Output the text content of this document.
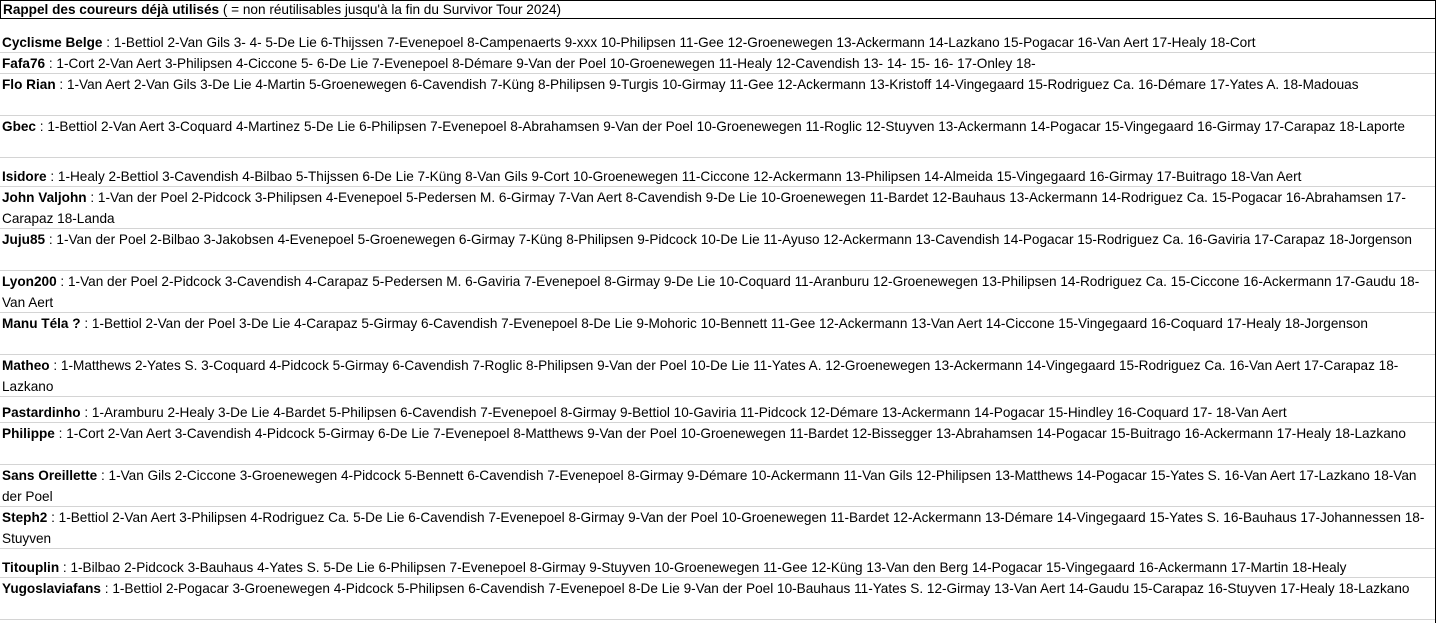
Rappel des coureurs déjà utilisés ( = non réutilisables jusqu'à la fin du Survivor Tour 2024)
Cyclisme Belge : 1-Bettiol 2-Van Gils 3- 4- 5-De Lie 6-Thijssen 7-Evenepoel 8-Campenaerts 9-xxx 10-Philipsen 11-Gee 12-Groenewegen 13-Ackermann 14-Lazkano 15-Pogacar 16-Van Aert 17-Healy 18-Cort
Fafa76 : 1-Cort 2-Van Aert 3-Philipsen 4-Ciccone 5- 6-De Lie 7-Evenepoel 8-Démare 9-Van der Poel 10-Groenewegen 11-Healy 12-Cavendish 13- 14- 15- 16- 17-Onley 18-
Flo Rian : 1-Van Aert 2-Van Gils 3-De Lie 4-Martin 5-Groenewegen 6-Cavendish 7-Küng 8-Philipsen 9-Turgis 10-Girmay 11-Gee 12-Ackermann 13-Kristoff 14-Vingegaard 15-Rodriguez Ca. 16-Démare 17-Yates A. 18-Madouas
Gbec : 1-Bettiol 2-Van Aert 3-Coquard 4-Martinez 5-De Lie 6-Philipsen 7-Evenepoel 8-Abrahamsen 9-Van der Poel 10-Groenewegen 11-Roglic 12-Stuyven 13-Ackermann 14-Pogacar 15-Vingegaard 16-Girmay 17-Carapaz 18-Laporte
Isidore : 1-Healy 2-Bettiol 3-Cavendish 4-Bilbao 5-Thijssen 6-De Lie 7-Küng 8-Van Gils 9-Cort 10-Groenewegen 11-Ciccone 12-Ackermann 13-Philipsen 14-Almeida 15-Vingegaard 16-Girmay 17-Buitrago 18-Van Aert
John Valjohn : 1-Van der Poel 2-Pidcock 3-Philipsen 4-Evenepoel 5-Pedersen M. 6-Girmay 7-Van Aert 8-Cavendish 9-De Lie 10-Groenewegen 11-Bardet 12-Bauhaus 13-Ackermann 14-Rodriguez Ca. 15-Pogacar 16-Abrahamsen 17-Carapaz 18-Landa
Juju85 : 1-Van der Poel 2-Bilbao 3-Jakobsen 4-Evenepoel 5-Groenewegen 6-Girmay 7-Küng 8-Philipsen 9-Pidcock 10-De Lie 11-Ayuso 12-Ackermann 13-Cavendish 14-Pogacar 15-Rodriguez Ca. 16-Gaviria 17-Carapaz 18-Jorgenson
Lyon200 : 1-Van der Poel 2-Pidcock 3-Cavendish 4-Carapaz 5-Pedersen M. 6-Gaviria 7-Evenepoel 8-Girmay 9-De Lie 10-Coquard 11-Aranburu 12-Groenewegen 13-Philipsen 14-Rodriguez Ca. 15-Ciccone 16-Ackermann 17-Gaudu 18-Van Aert
Manu Téla ? : 1-Bettiol 2-Van der Poel 3-De Lie 4-Carapaz 5-Girmay 6-Cavendish 7-Evenepoel 8-De Lie 9-Mohoric 10-Bennett 11-Gee 12-Ackermann 13-Van Aert 14-Ciccone 15-Vingegaard 16-Coquard 17-Healy 18-Jorgenson
Matheo : 1-Matthews 2-Yates S. 3-Coquard 4-Pidcock 5-Girmay 6-Cavendish 7-Roglic 8-Philipsen 9-Van der Poel 10-De Lie 11-Yates A. 12-Groenewegen 13-Ackermann 14-Vingegaard 15-Rodriguez Ca. 16-Van Aert 17-Carapaz 18-Lazkano
Pastardinho : 1-Aramburu 2-Healy 3-De Lie 4-Bardet 5-Philipsen 6-Cavendish 7-Evenepoel 8-Girmay 9-Bettiol 10-Gaviria 11-Pidcock 12-Démare 13-Ackermann 14-Pogacar 15-Hindley 16-Coquard 17- 18-Van Aert
Philippe : 1-Cort 2-Van Aert 3-Cavendish 4-Pidcock 5-Girmay 6-De Lie 7-Evenepoel 8-Matthews 9-Van der Poel 10-Groenewegen 11-Bardet 12-Bissegger 13-Abrahamsen 14-Pogacar 15-Buitrago 16-Ackermann 17-Healy 18-Lazkano
Sans Oreillette : 1-Van Gils 2-Ciccone 3-Groenewegen 4-Pidcock 5-Bennett 6-Cavendish 7-Evenepoel 8-Girmay 9-Démare 10-Ackermann 11-Van Gils 12-Philipsen 13-Matthews 14-Pogacar 15-Yates S. 16-Van Aert 17-Lazkano 18-Van der Poel
Steph2 : 1-Bettiol 2-Van Aert 3-Philipsen 4-Rodriguez Ca. 5-De Lie 6-Cavendish 7-Evenepoel 8-Girmay 9-Van der Poel 10-Groenewegen 11-Bardet 12-Ackermann 13-Démare 14-Vingegaard 15-Yates S. 16-Bauhaus 17-Johannessen 18-Stuyven
Titouplin : 1-Bilbao 2-Pidcock 3-Bauhaus 4-Yates S. 5-De Lie 6-Philipsen 7-Evenepoel 8-Girmay 9-Stuyven 10-Groenewegen 11-Gee 12-Küng 13-Van den Berg 14-Pogacar 15-Vingegaard 16-Ackermann 17-Martin 18-Healy
Yugoslaviafans : 1-Bettiol 2-Pogacar 3-Groenewegen 4-Pidcock 5-Philipsen 6-Cavendish 7-Evenepoel 8-De Lie 9-Van der Poel 10-Bauhaus 11-Yates S. 12-Girmay 13-Van Aert 14-Gaudu 15-Carapaz 16-Stuyven 17-Healy 18-Lazkano
